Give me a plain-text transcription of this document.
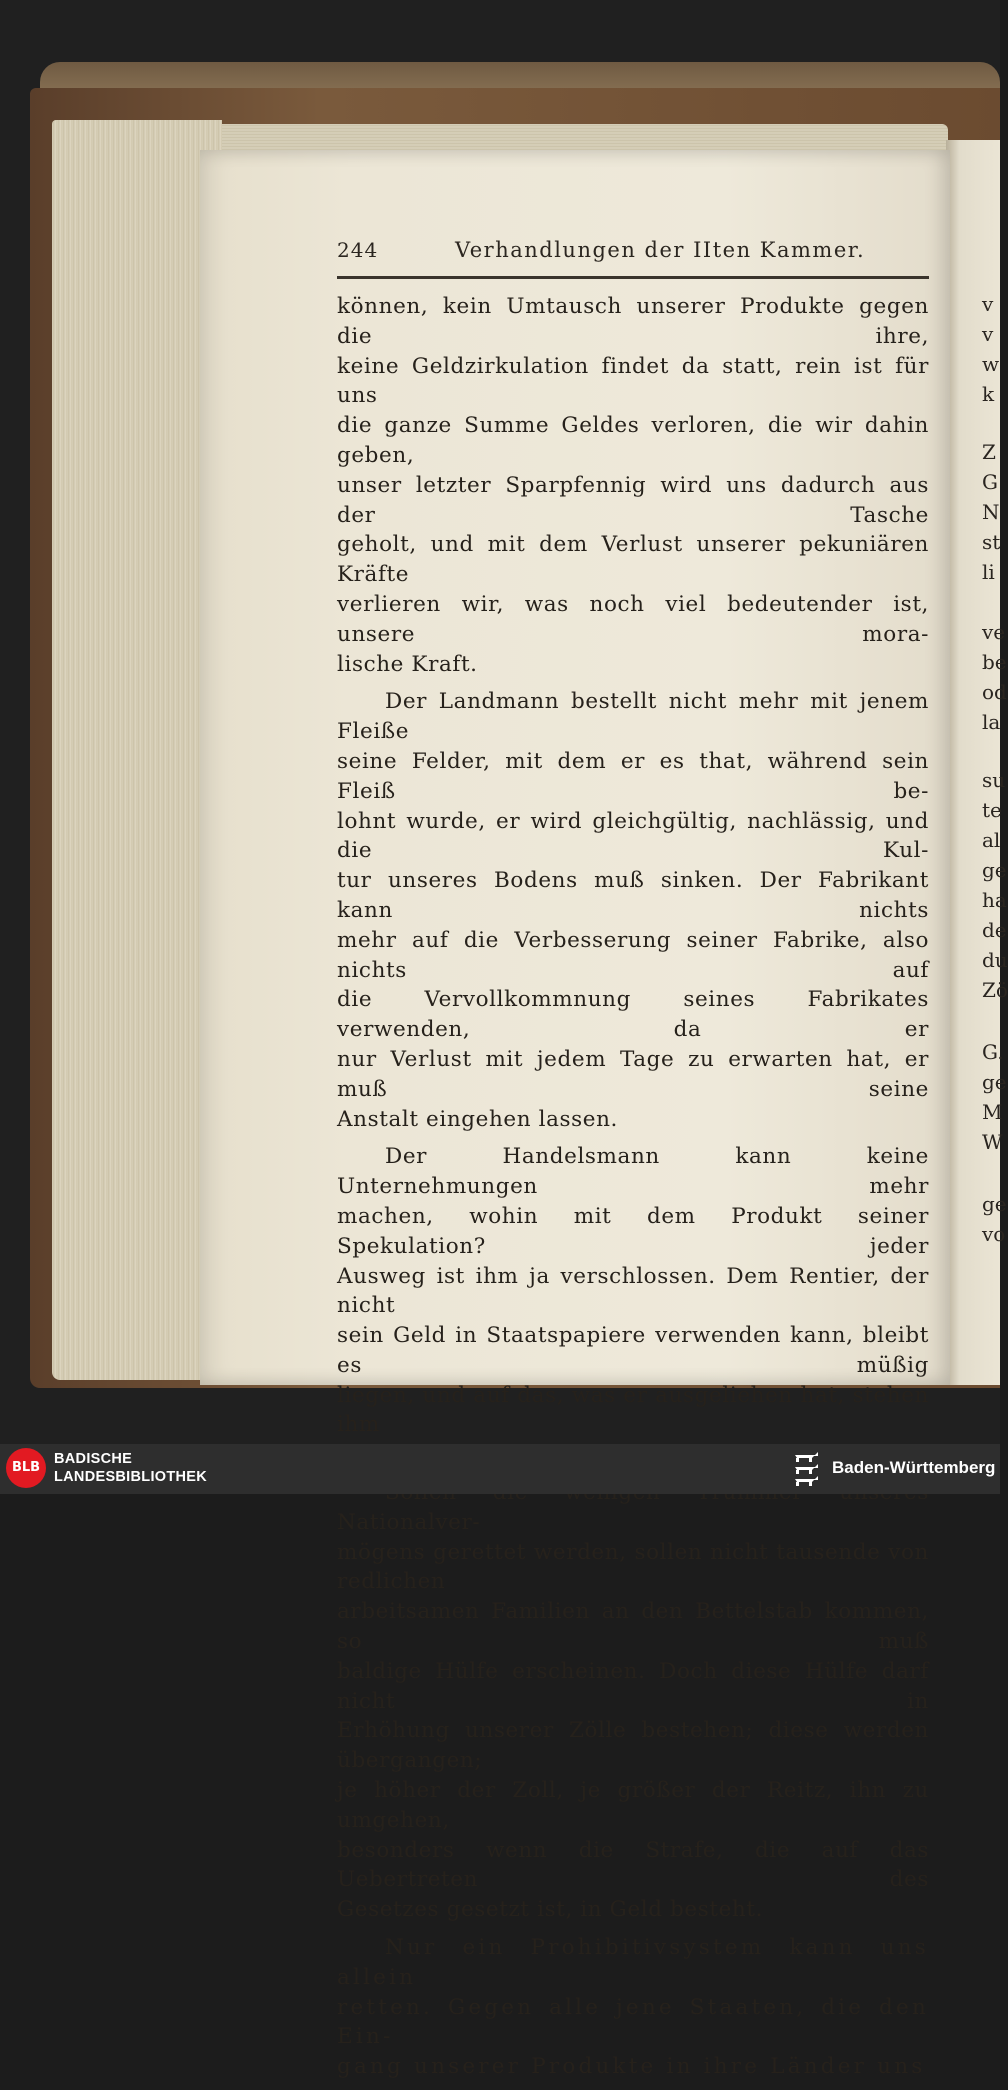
v
v
w
k
Z
G
N
st
li
ve
be
od
la
su
te
al
ge
ha
de
du
Zö
G.
ge
M
W
ge
vo
244	Verhandlungen der IIten Kammer.

können, kein Umtausch unserer Produkte gegen die ihre,

keine Geldzirkulation findet da statt, rein ist für uns

die ganze Summe Geldes verloren, die wir dahin geben,

unser letzter Sparpfennig wird uns dadurch aus der Tasche

geholt, und mit dem Verlust unserer pekuniären Kräfte

verlieren wir, was noch viel bedeutender ist, unsere mora-

lische Kraft.

Der Landmann bestellt nicht mehr mit jenem Fleiße

seine Felder, mit dem er es that, während sein Fleiß be-

lohnt wurde, er wird gleichgültig, nachlässig, und die Kul-

tur unseres Bodens muß sinken. Der Fabrikant kann nichts

mehr auf die Verbesserung seiner Fabrike, also nichts auf

die Vervollkommnung seines Fabrikates verwenden, da er

nur Verlust mit jedem Tage zu erwarten hat, er muß seine

Anstalt eingehen lassen.

Der Handelsmann kann keine Unternehmungen mehr

machen, wohin mit dem Produkt seiner Spekulation? jeder

Ausweg ist ihm ja verschlossen. Dem Rentier, der nicht

sein Geld in Staatspapiere verwenden kann, bleibt es müßig

liegen, und auf das, was er ausgeliehen hat, stehen ihm

Nationalver-

mögens gerettet werden, sollen nicht tausende von redlichen

arbeitsamen Familien an den Bettelstab kommen, so muß

baldige Hülfe erscheinen. Doch diese Hülfe darf nicht in

Erhöhung unserer Zölle bestehen; diese werden übergangen;

je höher der Zoll, je größer der Reitz, ihn zu umgehen,

besonders wenn die Strafe, die auf das Uebertreten des

Gesetzes gesetzt ist, in Geld besteht.

Nur ein Prohibitivsystem kann uns allein

retten. Gegen alle jene Staaten, die den Ein-

gang unserer Produkte in ihre Länder uns

BLB
BADISCHE
LANDESBIBLIOTHEK	Baden-Württemberg
